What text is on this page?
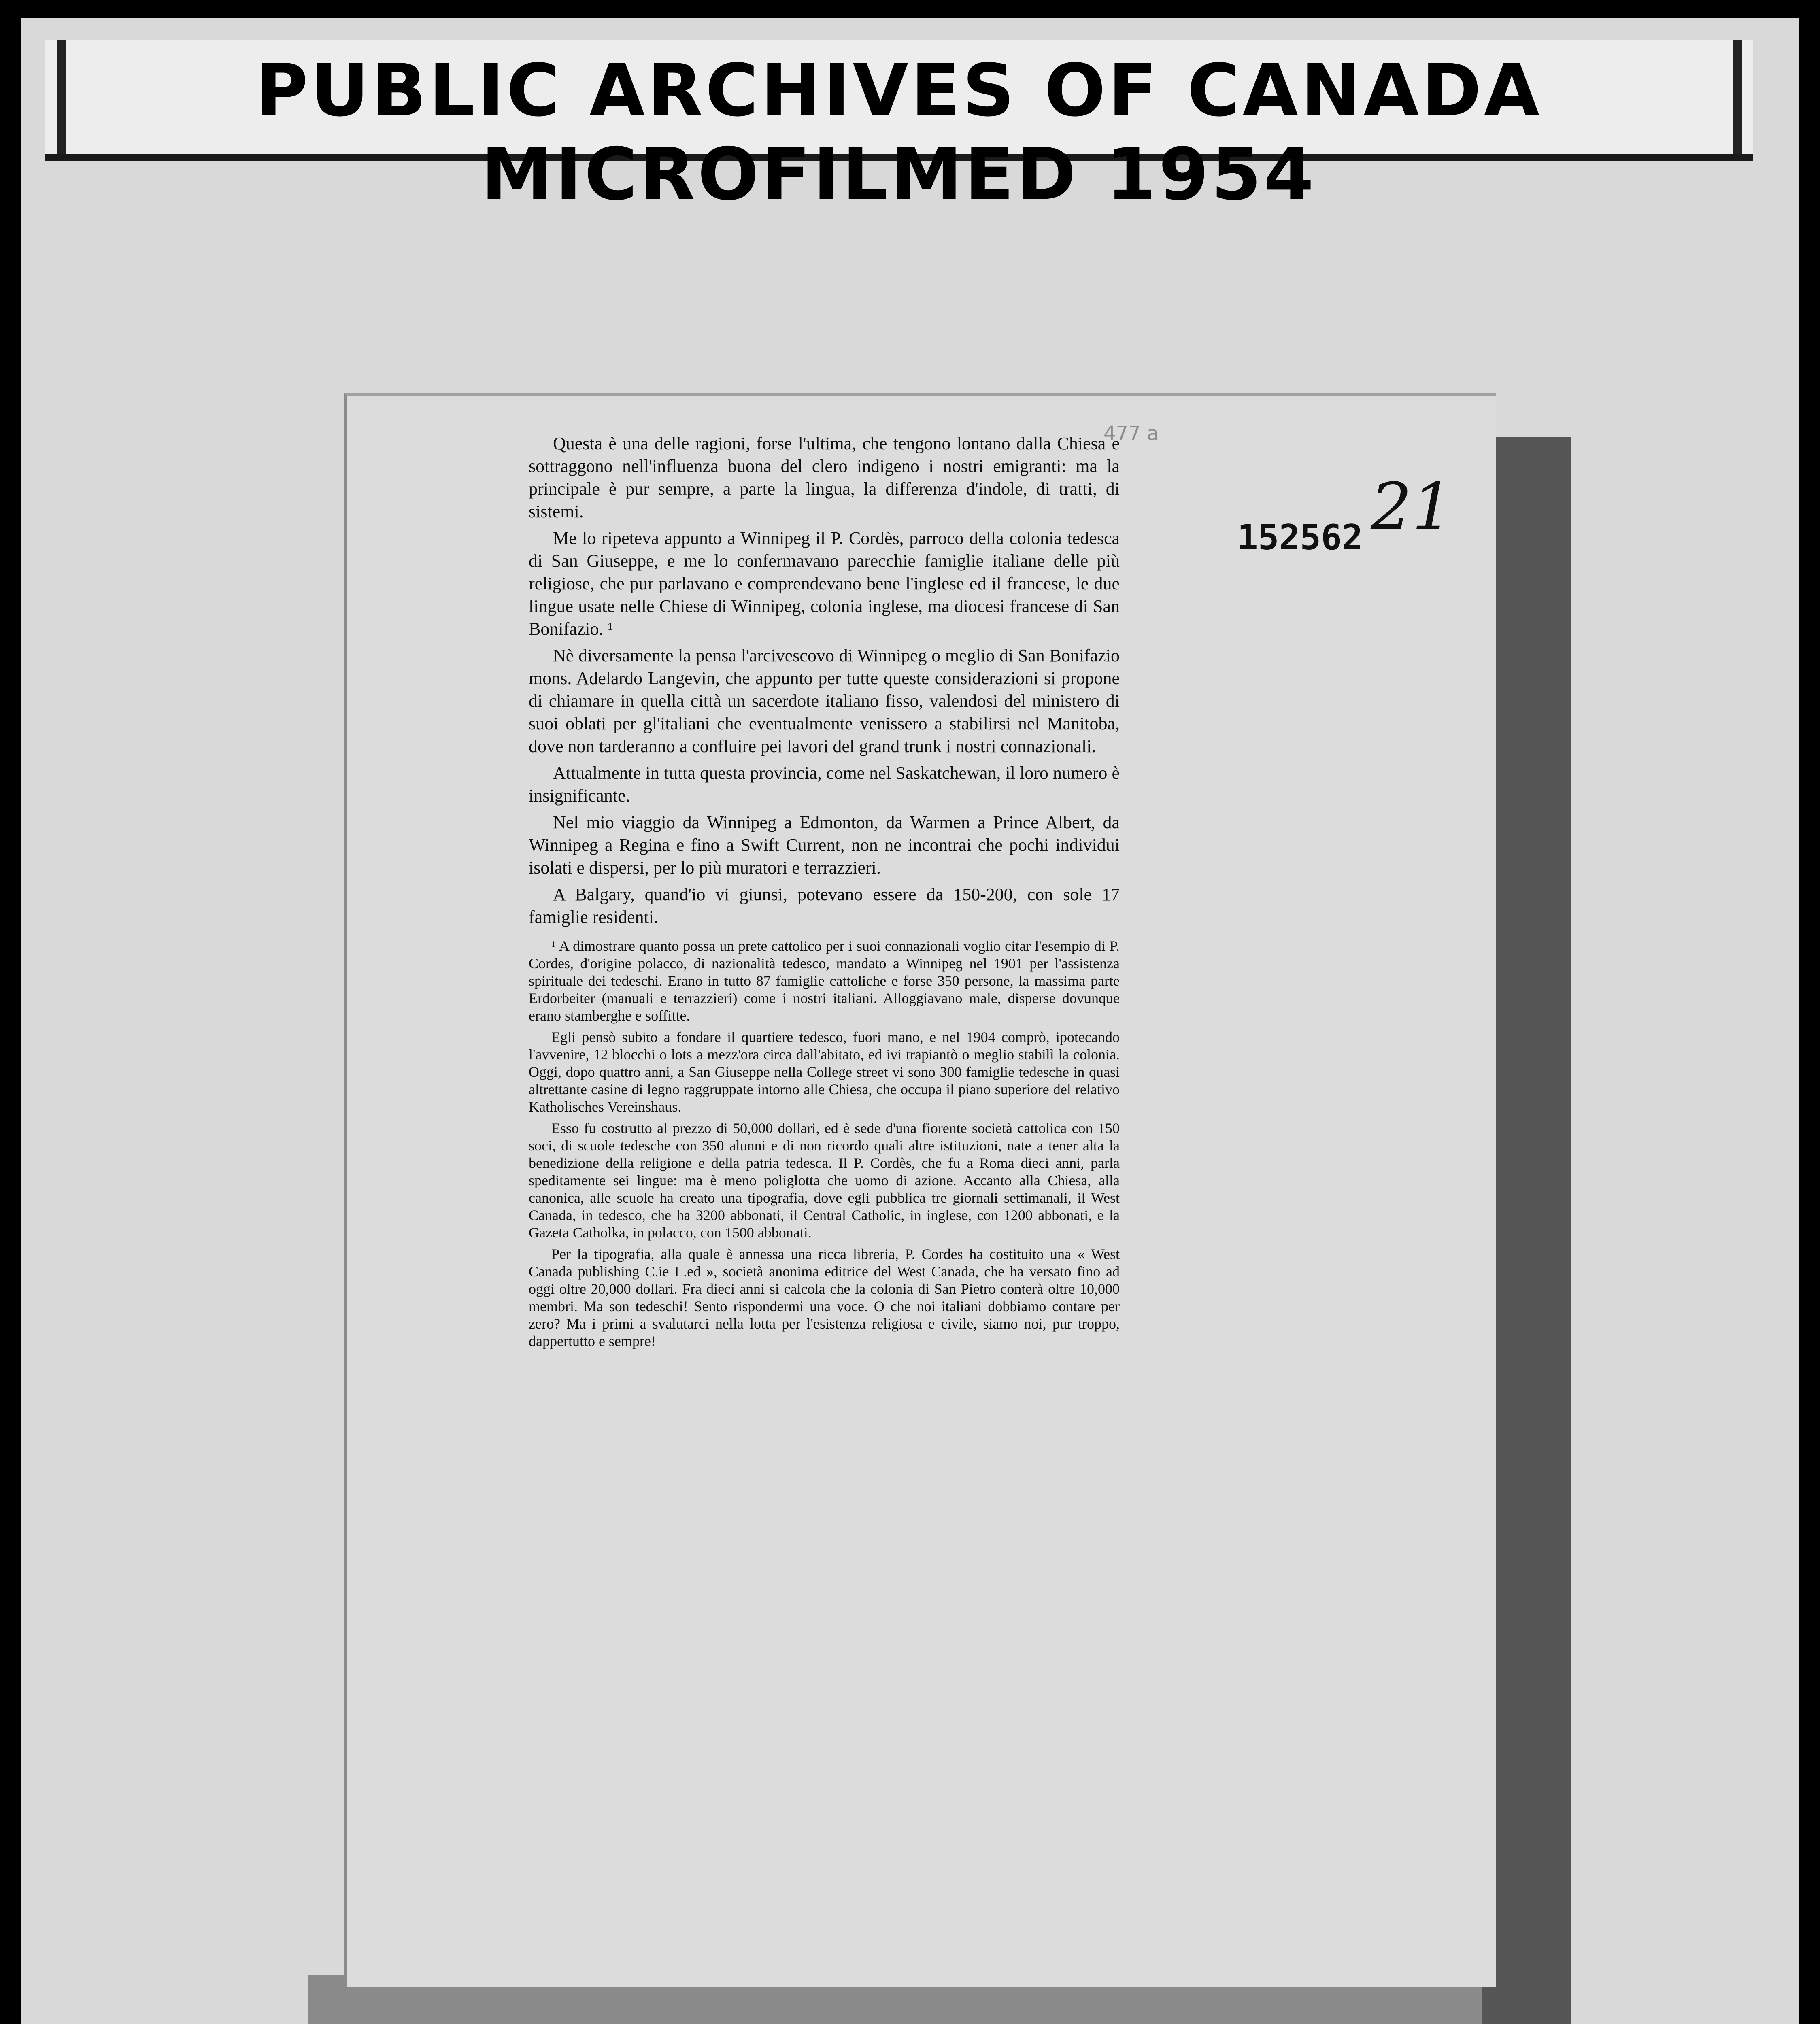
PUBLIC ARCHIVES OF CANADA MICROFILMED 1954
477 a
152562 21

Questa è una delle ragioni, forse l'ultima, che tengono lontano dalla Chiesa e sottraggono nell'influenza buona del clero indigeno i nostri emigranti: ma la principale è pur sempre, a parte la lingua, la differenza d'indole, di tratti, di sistemi.

Me lo ripeteva appunto a Winnipeg il P. Cordès, parroco della colonia tedesca di San Giuseppe, e me lo confermavano parecchie famiglie italiane delle più religiose, che pur parlavano e comprendevano bene l'inglese ed il francese, le due lingue usate nelle Chiese di Winnipeg, colonia inglese, ma diocesi francese di San Bonifazio. ¹

Nè diversamente la pensa l'arcivescovo di Winnipeg o meglio di San Bonifazio mons. Adelardo Langevin, che appunto per tutte queste considerazioni si propone di chiamare in quella città un sacerdote italiano fisso, valendosi del ministero di suoi oblati per gl'italiani che eventualmente venissero a stabilirsi nel Manitoba, dove non tarderanno a confluire pei lavori del grand trunk i nostri connazionali.

Attualmente in tutta questa provincia, come nel Saskatchewan, il loro numero è insignificante.

Nel mio viaggio da Winnipeg a Edmonton, da Warmen a Prince Albert, da Winnipeg a Regina e fino a Swift Current, non ne incontrai che pochi individui isolati e dispersi, per lo più muratori e terrazzieri.

A Balgary, quand'io vi giunsi, potevano essere da 150-200, con sole 17 famiglie residenti.

¹ A dimostrare quanto possa un prete cattolico per i suoi connazionali voglio citar l'esempio di P. Cordes, d'origine polacco, di nazionalità tedesco, mandato a Winnipeg nel 1901 per l'assistenza spirituale dei tedeschi. Erano in tutto 87 famiglie cattoliche e forse 350 persone, la massima parte Erdorbeiter (manuali e terrazzieri) come i nostri italiani. Alloggiavano male, disperse dovunque erano stamberghe e soffitte.

Egli pensò subito a fondare il quartiere tedesco, fuori mano, e nel 1904 comprò, ipotecando l'avvenire, 12 blocchi o lots a mezz'ora circa dall'abitato, ed ivi trapiantò o meglio stabilì la colonia. Oggi, dopo quattro anni, a San Giuseppe nella College street vi sono 300 famiglie tedesche in quasi altrettante casine di legno raggruppate intorno alle Chiesa, che occupa il piano superiore del relativo Katholisches Vereinshaus.

Esso fu costrutto al prezzo di 50,000 dollari, ed è sede d'una fiorente società cattolica con 150 soci, di scuole tedesche con 350 alunni e di non ricordo quali altre istituzioni, nate a tener alta la benedizione della religione e della patria tedesca. Il P. Cordès, che fu a Roma dieci anni, parla speditamente sei lingue: ma è meno poliglotta che uomo di azione. Accanto alla Chiesa, alla canonica, alle scuole ha creato una tipografia, dove egli pubblica tre giornali settimanali, il West Canada, in tedesco, che ha 3200 abbonati, il Central Catholic, in inglese, con 1200 abbonati, e la Gazeta Catholka, in polacco, con 1500 abbonati.

Per la tipografia, alla quale è annessa una ricca libreria, P. Cordes ha costituito una « West Canada publishing C.ie L.ed », società anonima editrice del West Canada, che ha versato fino ad oggi oltre 20,000 dollari. Fra dieci anni si calcola che la colonia di San Pietro conterà oltre 10,000 membri. Ma son tedeschi! Sento rispondermi una voce. O che noi italiani dobbiamo contare per zero? Ma i primi a svalutarci nella lotta per l'esistenza religiosa e civile, siamo noi, pur troppo, dappertutto e sempre!
